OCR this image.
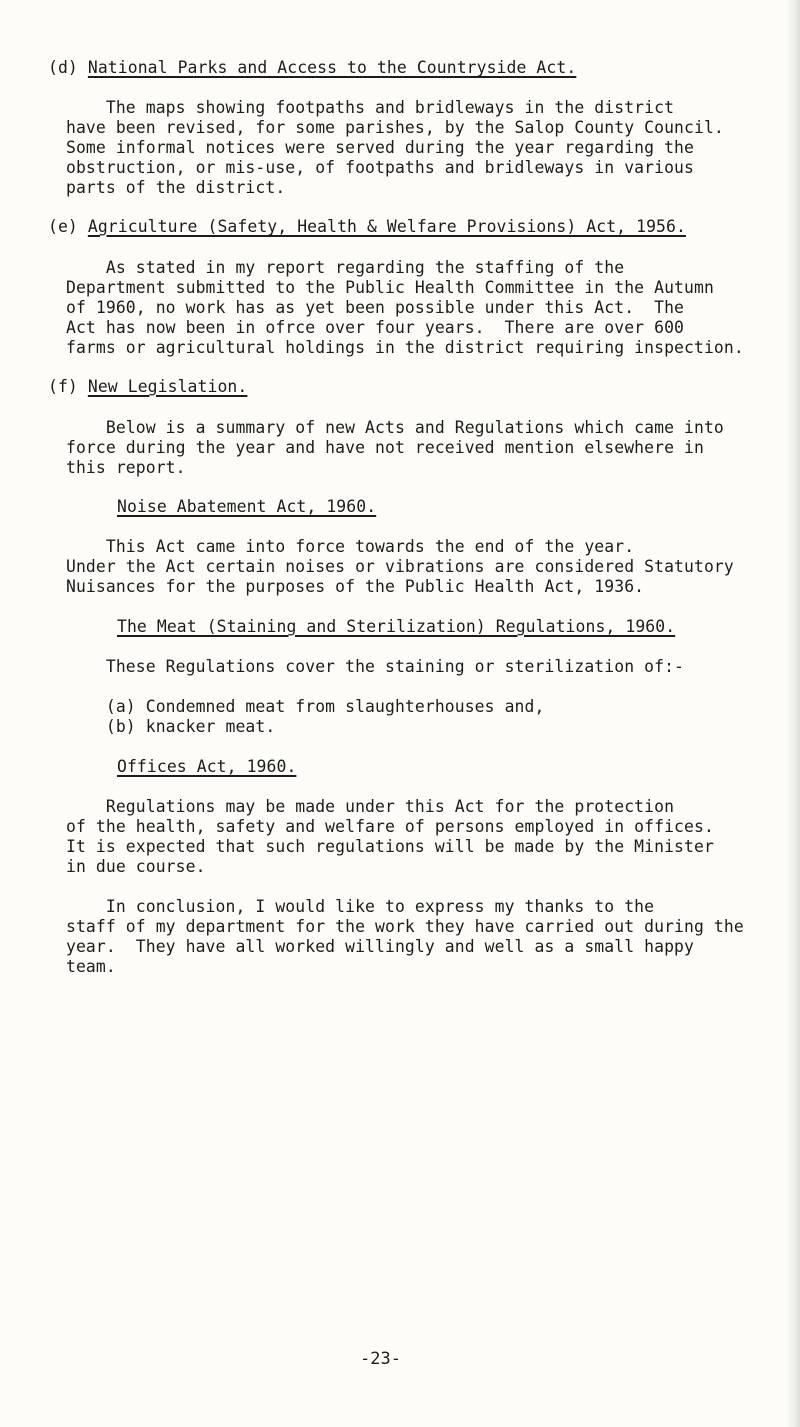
(d) National Parks and Access to the Countryside Act.
The maps showing footpaths and bridleways in the district
have been revised, for some parishes, by the Salop County Council.
Some informal notices were served during the year regarding the
obstruction, or mis-use, of footpaths and bridleways in various
parts of the district.
(e) Agriculture (Safety, Health & Welfare Provisions) Act, 1956.
As stated in my report regarding the staffing of the
Department submitted to the Public Health Committee in the Autumn
of 1960, no work has as yet been possible under this Act.  The
Act has now been in ofrce over four years.  There are over 600
farms or agricultural holdings in the district requiring inspection.
(f) New Legislation.
Below is a summary of new Acts and Regulations which came into
force during the year and have not received mention elsewhere in
this report.
Noise Abatement Act, 1960.
This Act came into force towards the end of the year.
Under the Act certain noises or vibrations are considered Statutory
Nuisances for the purposes of the Public Health Act, 1936.
The Meat (Staining and Sterilization) Regulations, 1960.
These Regulations cover the staining or sterilization of:-
(a) Condemned meat from slaughterhouses and,
(b) knacker meat.
Offices Act, 1960.
Regulations may be made under this Act for the protection
of the health, safety and welfare of persons employed in offices.
It is expected that such regulations will be made by the Minister
in due course.
In conclusion, I would like to express my thanks to the
staff of my department for the work they have carried out during the
year.  They have all worked willingly and well as a small happy
team.
-23-
